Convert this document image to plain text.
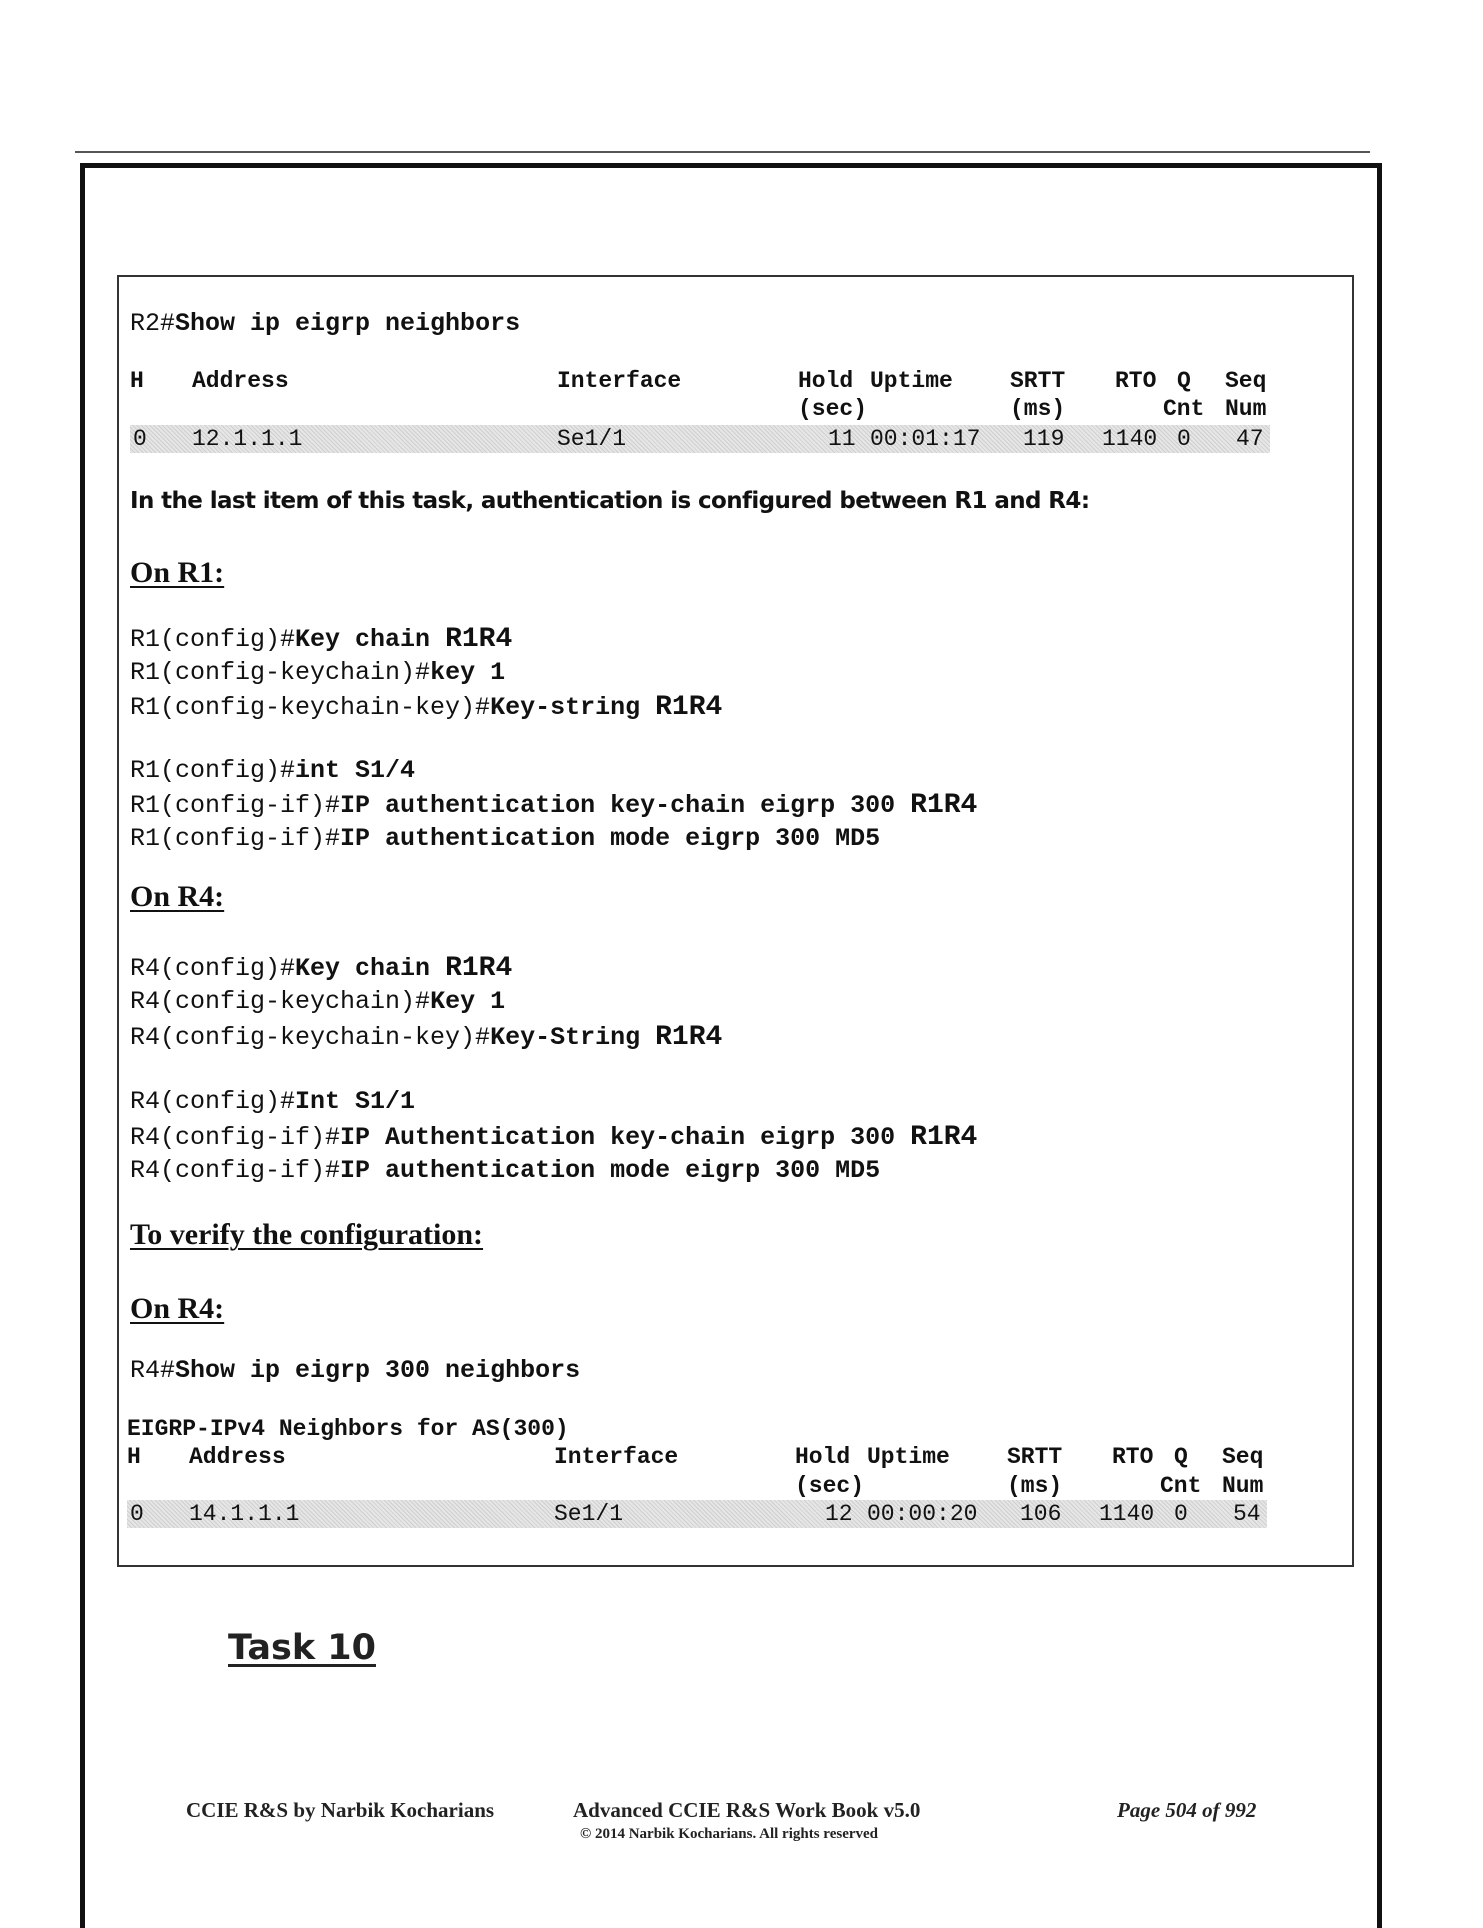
R2#Show ip eigrp neighbors
H Address	Interface	Hold Uptime SRTT RTO Q Seq
(sec)	(ms)	Cnt Num
0 12.1.1.1	Se1/1	11 00:01:17 119 1140 0 47
In the last item of this task, authentication is configured between R1 and R4:
On R1:
R1(config)#Key chain R1R4
R1(config-keychain)#key 1
R1(config-keychain-key)#Key-string R1R4
R1(config)#int S1/4
R1(config-if)#IP authentication key-chain eigrp 300 R1R4
R1(config-if)#IP authentication mode eigrp 300 MD5
On R4:
R4(config)#Key chain R1R4
R4(config-keychain)#Key 1
R4(config-keychain-key)#Key-String R1R4
R4(config)#Int S1/1
R4(config-if)#IP Authentication key-chain eigrp 300 R1R4
R4(config-if)#IP authentication mode eigrp 300 MD5
To verify the configuration:
On R4:
R4#Show ip eigrp 300 neighbors
EIGRP-IPv4 Neighbors for AS(300)
H Address	Interface	Hold Uptime SRTT RTO Q Seq
(sec)	(ms)	Cnt Num
0 14.1.1.1	Se1/1	12 00:00:20 106 1140 0 54
Task 10
CCIE R&S by Narbik Kocharians	Advanced CCIE R&S Work Book v5.0
© 2014 Narbik Kocharians. All rights reserved
Page 504 of 992
